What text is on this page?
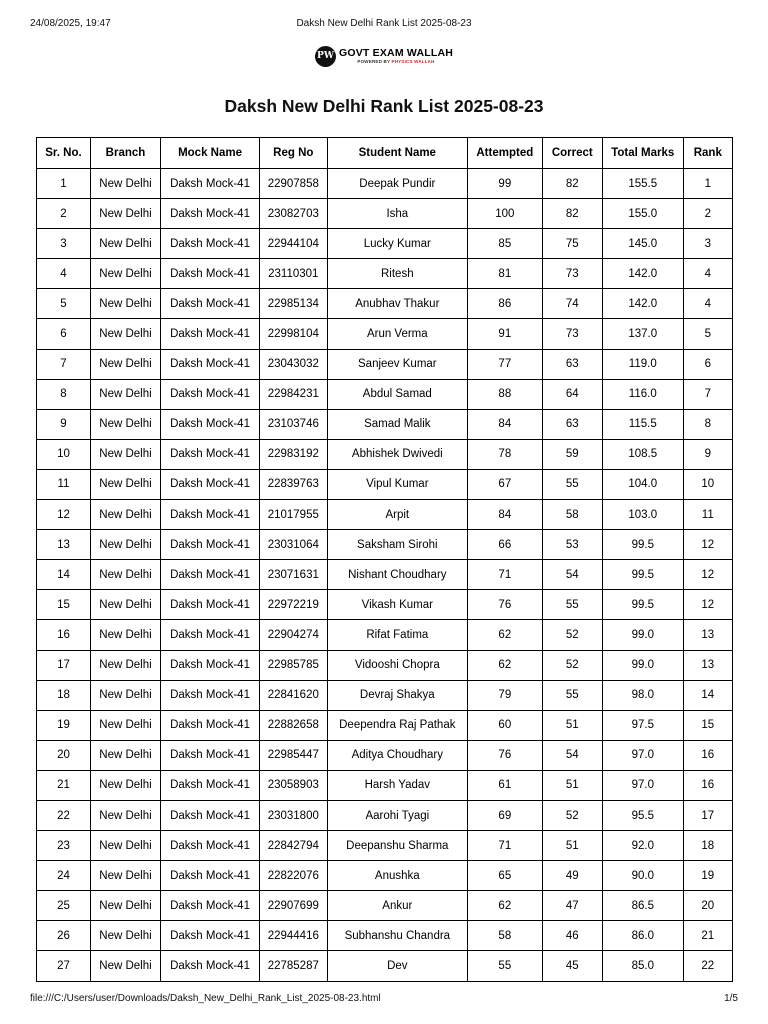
24/08/2025, 19:47	Daksh New Delhi Rank List 2025-08-23
PW GOVT EXAM WALLAH
POWERED BY PHYSICS WALLAH
Daksh New Delhi Rank List 2025-08-23
Sr. No.	Branch	Mock Name	Reg No	Student Name	Attempted	Correct	Total Marks	Rank
1	New Delhi	Daksh Mock-41	22907858	Deepak Pundir	99	82	155.5	1
2	New Delhi	Daksh Mock-41	23082703	Isha	100	82	155.0	2
3	New Delhi	Daksh Mock-41	22944104	Lucky Kumar	85	75	145.0	3
4	New Delhi	Daksh Mock-41	23110301	Ritesh	81	73	142.0	4
5	New Delhi	Daksh Mock-41	22985134	Anubhav Thakur	86	74	142.0	4
6	New Delhi	Daksh Mock-41	22998104	Arun Verma	91	73	137.0	5
7	New Delhi	Daksh Mock-41	23043032	Sanjeev Kumar	77	63	119.0	6
8	New Delhi	Daksh Mock-41	22984231	Abdul Samad	88	64	116.0	7
9	New Delhi	Daksh Mock-41	23103746	Samad Malik	84	63	115.5	8
10	New Delhi	Daksh Mock-41	22983192	Abhishek Dwivedi	78	59	108.5	9
11	New Delhi	Daksh Mock-41	22839763	Vipul Kumar	67	55	104.0	10
12	New Delhi	Daksh Mock-41	21017955	Arpit	84	58	103.0	11
13	New Delhi	Daksh Mock-41	23031064	Saksham Sirohi	66	53	99.5	12
14	New Delhi	Daksh Mock-41	23071631	Nishant Choudhary	71	54	99.5	12
15	New Delhi	Daksh Mock-41	22972219	Vikash Kumar	76	55	99.5	12
16	New Delhi	Daksh Mock-41	22904274	Rifat Fatima	62	52	99.0	13
17	New Delhi	Daksh Mock-41	22985785	Vidooshi Chopra	62	52	99.0	13
18	New Delhi	Daksh Mock-41	22841620	Devraj Shakya	79	55	98.0	14
19	New Delhi	Daksh Mock-41	22882658	Deependra Raj Pathak	60	51	97.5	15
20	New Delhi	Daksh Mock-41	22985447	Aditya Choudhary	76	54	97.0	16
21	New Delhi	Daksh Mock-41	23058903	Harsh Yadav	61	51	97.0	16
22	New Delhi	Daksh Mock-41	23031800	Aarohi Tyagi	69	52	95.5	17
23	New Delhi	Daksh Mock-41	22842794	Deepanshu Sharma	71	51	92.0	18
24	New Delhi	Daksh Mock-41	22822076	Anushka	65	49	90.0	19
25	New Delhi	Daksh Mock-41	22907699	Ankur	62	47	86.5	20
26	New Delhi	Daksh Mock-41	22944416	Subhanshu Chandra	58	46	86.0	21
27	New Delhi	Daksh Mock-41	22785287	Dev	55	45	85.0	22
file:///C:/Users/user/Downloads/Daksh_New_Delhi_Rank_List_2025-08-23.html	1/5
